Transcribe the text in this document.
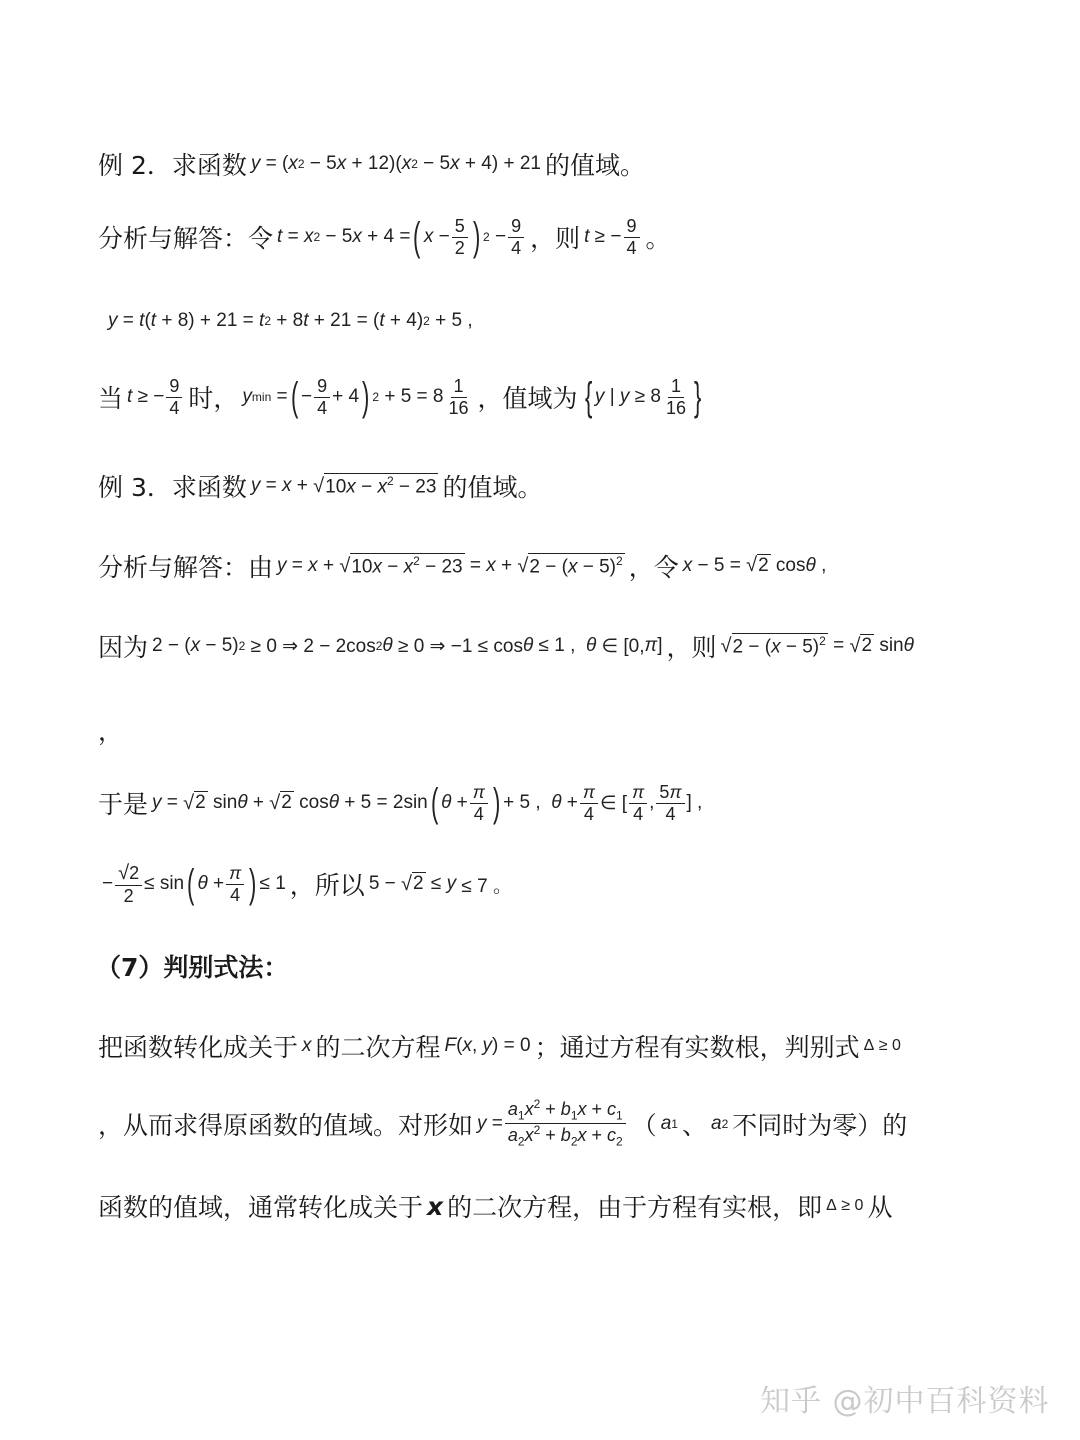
例 2．求函数 y = ( x 2 − 5 x + 12)( x 2 − 5 x + 4) + 21 的值域。
分析与解答：令 t = x 2 − 5 x + 4 = ( $x - \frac{5}{2}$ ) $2 - \frac{9}{4}$ ，则 t ≥ − $\frac{9}{4}$ 。
y = t ( t + 8) + 21 = t 2 + 8 t + 21 = ( t + 4) 2 + 5 ,
当 t ≥ − $\frac{9}{4}$ 时， y min = ( − $\frac{9}{4} + 4$ ) $2 + 5 = 8 \frac{1}{16}$ ，值域为 { y | $y \ge 8 \frac{1}{16}$ }
例 3．求函数 y = x + √ $10x - x^2 - 23$ 的值域。
分析与解答：由 y = x + √ $10x - x^2 - 23 = x$ + √ $2 - (x - 5)^2$ ，令 x − 5 = √ 2 cos θ ,
因为 2 − ( x − 5) 2 ≥ 0 ⇒ 2 − 2cos 2 θ ≥ 0 ⇒ −1 ≤ cos θ ≤ 1 , θ ∈ [0, π ] ，则 √ $2 - (x - 5)^2$ = √ 2 sin θ
，
于是 y = √ 2 sin θ + √ 2 cos θ + 5 = 2sin ( $\theta + \frac{\pi}{4}$ ) + 5 , $\theta + \frac{\pi}{4}$ ∈ [ $\frac{\pi}{4}$ , $\frac{5\pi}{4}$ ] ,
− $\frac{√2}{2} \le \sin$ ( $\theta + \frac{\pi}{4}$ ) ≤ 1 ，所以 5 − √ 2 ≤ y ≤ 7 。
（7）判别式法：
把函数转化成关于 x 的二次方程 F ( x , y ) = 0 ；通过方程有实数根，判别式 Δ ≥ 0
，从而求得原函数的值域。对形如 $y = \frac{a_1x^2 + b_1x + c_1}{a_2x^2 + b_2x + c_2}$ （ a 1 、 a 2 不同时为零）的
函数的值域，通常转化成关于 x 的二次方程，由于方程有实根，即 Δ ≥ 0 从
知乎 @初中百科资料
